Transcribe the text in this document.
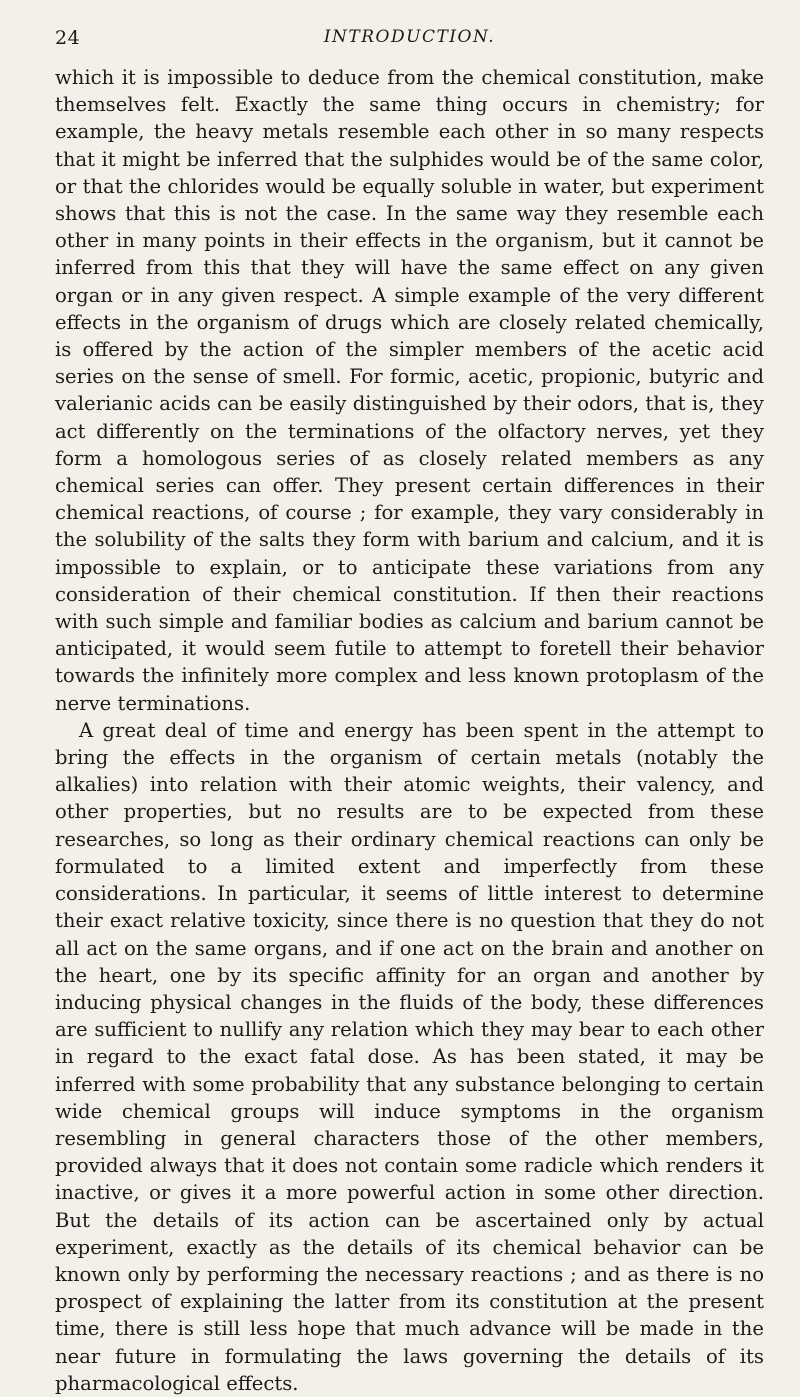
24	INTRODUCTION.

which it is impossible to deduce from the chemical constitution, make themselves felt. Exactly the same thing occurs in chemistry; for example, the heavy metals resemble each other in so many respects that it might be inferred that the sulphides would be of the same color, or that the chlorides would be equally soluble in water, but experiment shows that this is not the case. In the same way they resemble each other in many points in their effects in the organism, but it cannot be inferred from this that they will have the same effect on any given organ or in any given respect. A simple example of the very different effects in the organism of drugs which are closely related chemically, is offered by the action of the simpler members of the acetic acid series on the sense of smell. For formic, acetic, propionic, butyric and valerianic acids can be easily distinguished by their odors, that is, they act differently on the terminations of the olfactory nerves, yet they form a homologous series of as closely related members as any chemical series can offer. They present certain differences in their chemical reactions, of course ; for example, they vary considerably in the solubility of the salts they form with barium and calcium, and it is impossible to explain, or to anticipate these variations from any consideration of their chemical constitution. If then their reactions with such simple and familiar bodies as calcium and barium cannot be anticipated, it would seem futile to attempt to foretell their behavior towards the infinitely more complex and less known protoplasm of the nerve terminations.

A great deal of time and energy has been spent in the attempt to bring the effects in the organism of certain metals (notably the alkalies) into relation with their atomic weights, their valency, and other properties, but no results are to be expected from these researches, so long as their ordinary chemical reactions can only be formulated to a limited extent and imperfectly from these considerations. In particular, it seems of little interest to determine their exact relative toxicity, since there is no question that they do not all act on the same organs, and if one act on the brain and another on the heart, one by its specific affinity for an organ and another by inducing physical changes in the fluids of the body, these differences are sufficient to nullify any relation which they may bear to each other in regard to the exact fatal dose. As has been stated, it may be inferred with some probability that any substance belonging to certain wide chemical groups will induce symptoms in the organism resembling in general characters those of the other members, provided always that it does not contain some radicle which renders it inactive, or gives it a more powerful action in some other direction. But the details of its action can be ascertained only by actual experiment, exactly as the details of its chemical behavior can be known only by performing the necessary reactions ; and as there is no prospect of explaining the latter from its constitution at the present time, there is still less hope that much advance will be made in the near future in formulating the laws governing the details of its pharmacological effects.
